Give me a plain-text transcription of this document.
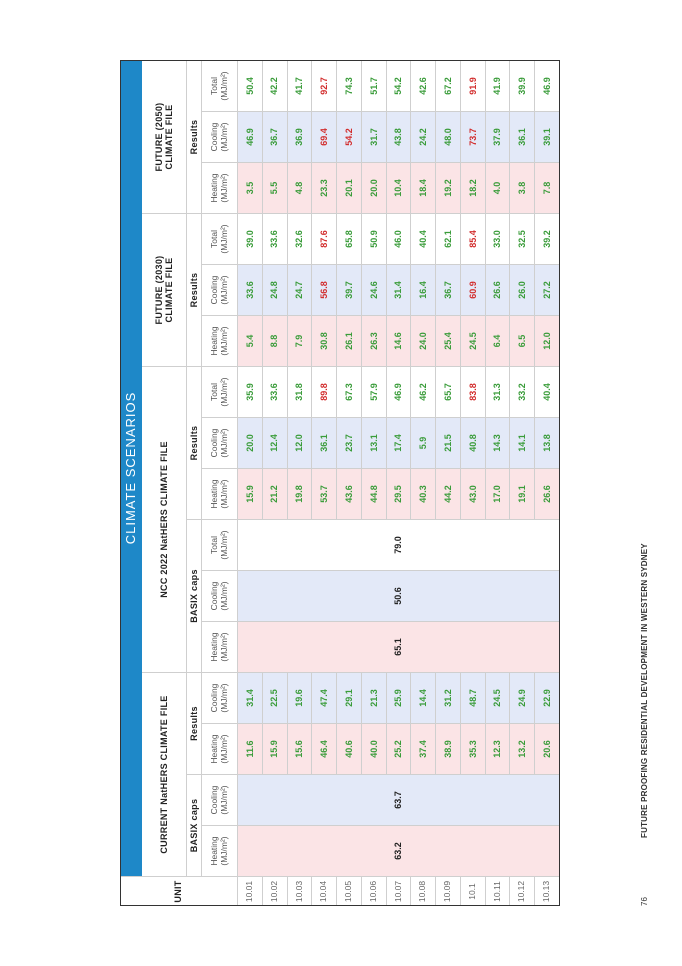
CLIMATE SCENARIOS
UNIT
CURRENT NatHERS CLIMATE FILE
NCC 2022 NatHERS CLIMATE FILE
FUTURE (2030)
CLIMATE FILE
FUTURE (2050)
CLIMATE FILE
BASIX caps
Results
BASIX caps
Results
Results
Results
Heating (MJ/m²)
Cooling (MJ/m²)
Heating (MJ/m²)
Cooling (MJ/m²)
Heating (MJ/m²)
Cooling (MJ/m²)
Total (MJ/m²)
Heating (MJ/m²)
Cooling (MJ/m²)
Total (MJ/m²)
Heating (MJ/m²)
Cooling (MJ/m²)
Total (MJ/m²)
Heating (MJ/m²)
Cooling (MJ/m²)
Total (MJ/m²)
63.2
63.7
65.1
50.6
79.0
10.01
11.6
31.4
15.9
20.0
35.9
5.4
33.6
39.0
3.5
46.9
50.4
10.02
15.9
22.5
21.2
12.4
33.6
8.8
24.8
33.6
5.5
36.7
42.2
10.03
15.6
19.6
19.8
12.0
31.8
7.9
24.7
32.6
4.8
36.9
41.7
10.04
46.4
47.4
53.7
36.1
89.8
30.8
56.8
87.6
23.3
69.4
92.7
10.05
40.6
29.1
43.6
23.7
67.3
26.1
39.7
65.8
20.1
54.2
74.3
10.06
40.0
21.3
44.8
13.1
57.9
26.3
24.6
50.9
20.0
31.7
51.7
10.07
25.2
25.9
29.5
17.4
46.9
14.6
31.4
46.0
10.4
43.8
54.2
10.08
37.4
14.4
40.3
5.9
46.2
24.0
16.4
40.4
18.4
24.2
42.6
10.09
38.9
31.2
44.2
21.5
65.7
25.4
36.7
62.1
19.2
48.0
67.2
10.1
35.3
48.7
43.0
40.8
83.8
24.5
60.9
85.4
18.2
73.7
91.9
10.11
12.3
24.5
17.0
14.3
31.3
6.4
26.6
33.0
4.0
37.9
41.9
10.12
13.2
24.9
19.1
14.1
33.2
6.5
26.0
32.5
3.8
36.1
39.9
10.13
20.6
22.9
26.6
13.8
40.4
12.0
27.2
39.2
7.8
39.1
46.9
76
FUTURE PROOFING RESIDENTIAL DEVELOPMENT IN WESTERN SYDNEY
